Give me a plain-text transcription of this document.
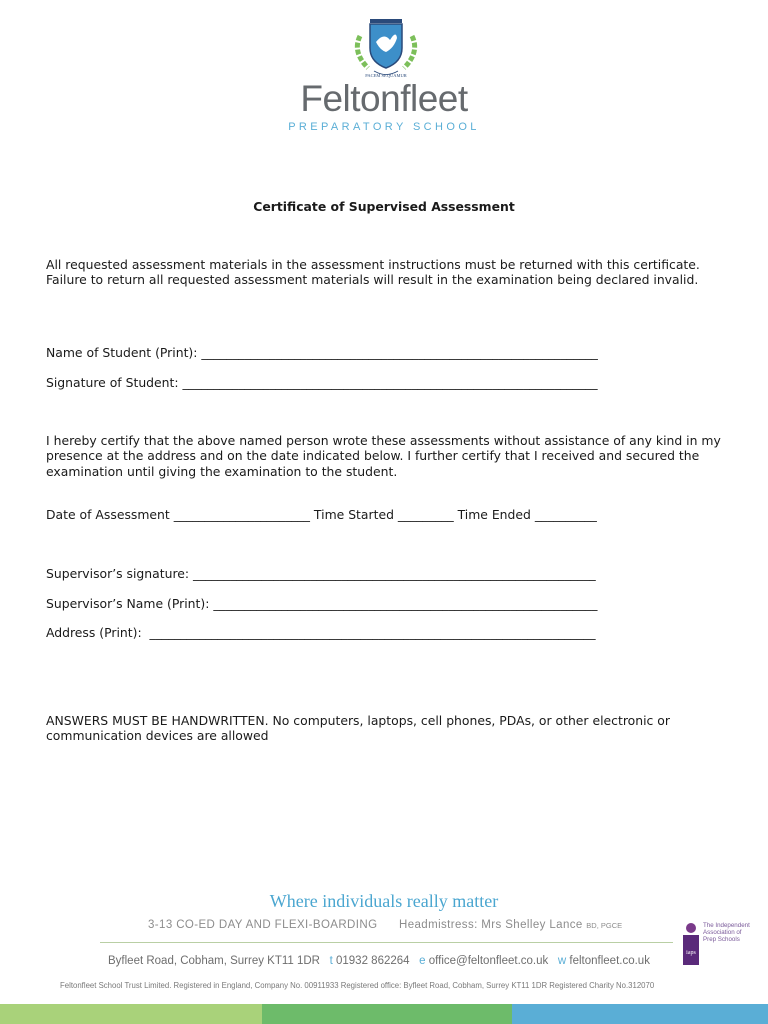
PACEM SEQUAMUR
Feltonfleet
PREPARATORY SCHOOL
Certificate of Supervised Assessment
All requested assessment materials in the assessment instructions must be returned with this certificate. Failure to return all requested assessment materials will result in the examination being declared invalid.
Name of Student (Print): ________________________________________________________________
Signature of Student: ___________________________________________________________________
I hereby certify that the above named person wrote these assessments without assistance of any kind in my presence at the address and on the date indicated below. I further certify that I received and secured the examination until giving the examination to the student.
Date of Assessment ______________________ Time Started _________ Time Ended __________
Supervisor’s signature: _________________________________________________________________
Supervisor’s Name (Print): ______________________________________________________________
Address (Print):  ________________________________________________________________________
ANSWERS MUST BE HANDWRITTEN. No computers, laptops, cell phones, PDAs, or other electronic or communication devices are allowed
Where individuals really matter
3-13 CO-ED DAY AND FLEXI-BOARDING Headmistress: Mrs Shelley Lance BD, PGCE
Byfleet Road, Cobham, Surrey KT11 1DR t 01932 862264 e office@feltonfleet.co.uk w feltonfleet.co.uk
Feltonfleet School Trust Limited. Registered in England, Company No. 00911933 Registered office: Byfleet Road, Cobham, Surrey KT11 1DR Registered Charity No.312070
iaps
The Independent Association of Prep Schools
